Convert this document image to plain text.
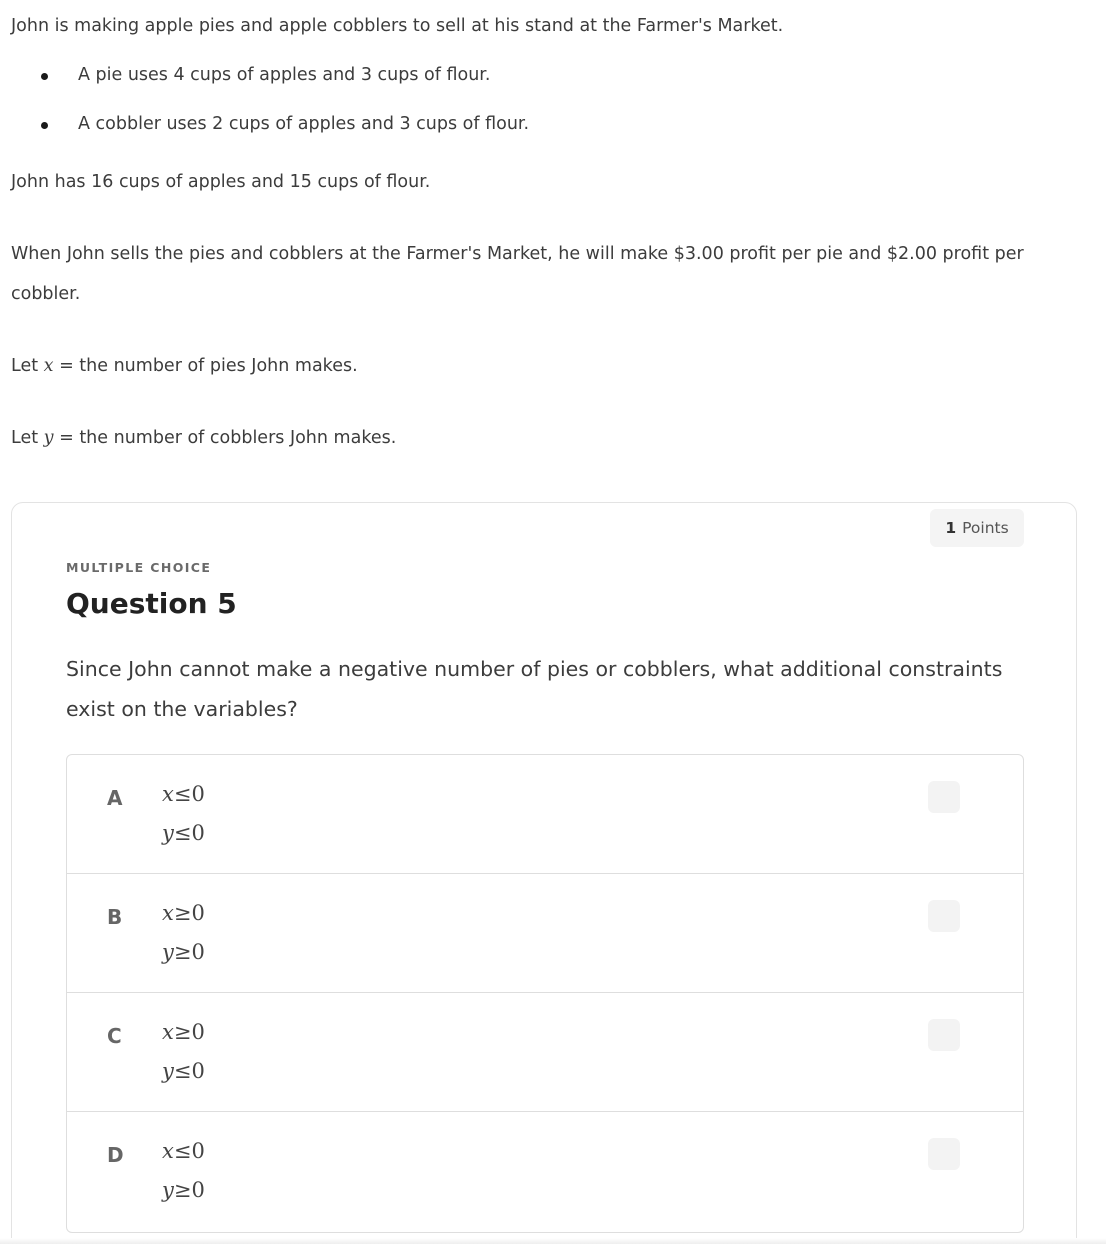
John is making apple pies and apple cobblers to sell at his stand at the Farmer's Market.

A pie uses 4 cups of apples and 3 cups of flour.
A cobbler uses 2 cups of apples and 3 cups of flour.

John has 16 cups of apples and 15 cups of flour.

When John sells the pies and cobblers at the Farmer's Market, he will make $3.00 profit per pie and $2.00 profit per

cobbler.

Let x = the number of pies John makes.

Let y = the number of cobblers John makes.

1 Points
MULTIPLE CHOICE
Question 5

Since John cannot make a negative number of pies or cobblers, what additional constraints exist on the variables?

A x≤0
y≤0
B x≥0
y≥0
C x≥0
y≤0
D x≤0
y≥0
